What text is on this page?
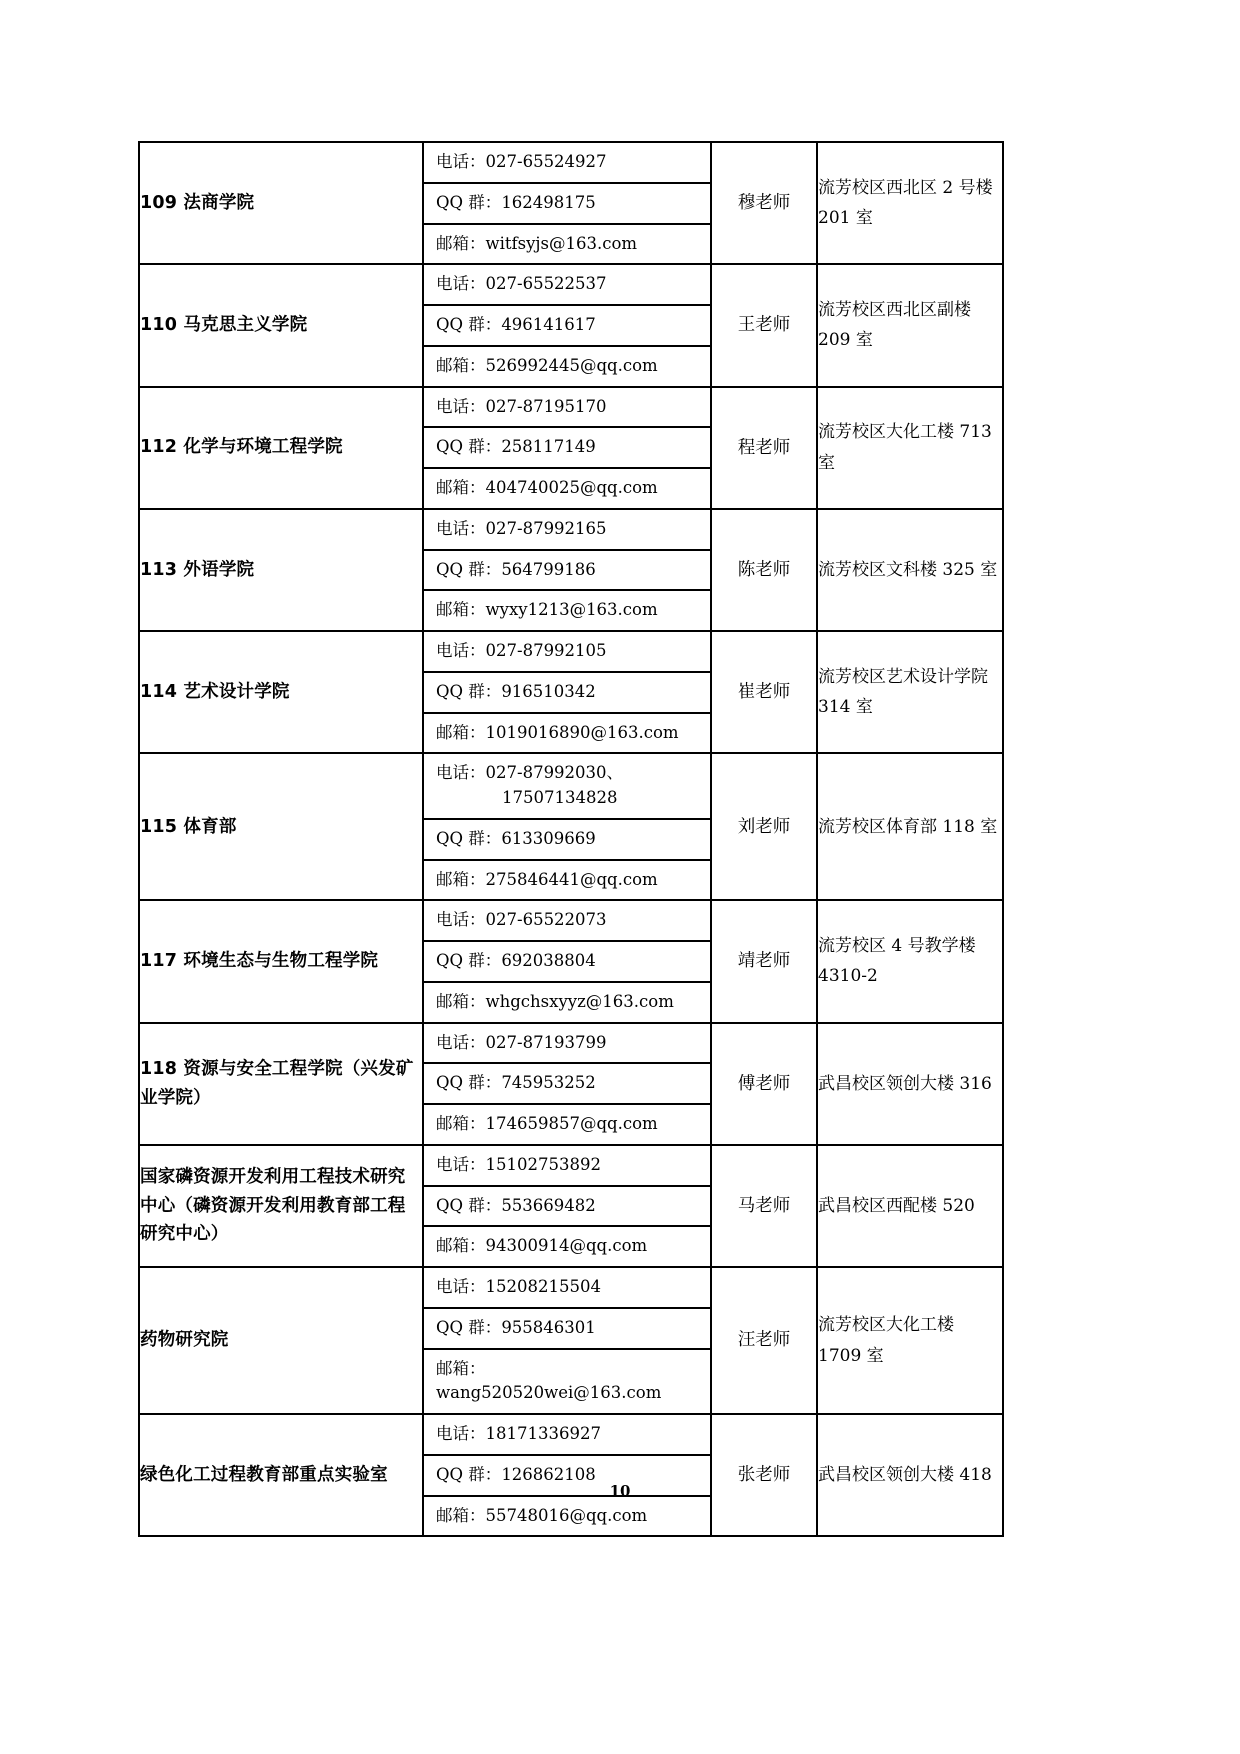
109 法商学院	电话：027-65524927
QQ 群：162498175
邮箱：witfsyjs@163.com	穆老师	流芳校区西北区 2 号楼 201 室
110 马克思主义学院	电话：027-65522537
QQ 群：496141617
邮箱：526992445@qq.com	王老师	流芳校区西北区副楼 209 室
112 化学与环境工程学院	电话：027-87195170
QQ 群：258117149
邮箱：404740025@qq.com	程老师	流芳校区大化工楼 713 室
113 外语学院	电话：027-87992165
QQ 群：564799186
邮箱：wyxy1213@163.com	陈老师	流芳校区文科楼 325 室
114 艺术设计学院	电话：027-87992105
QQ 群：916510342
邮箱：1019016890@163.com	崔老师	流芳校区艺术设计学院 314 室
115 体育部	电话：027-87992030、
17507134828
QQ 群：613309669
邮箱：275846441@qq.com	刘老师	流芳校区体育部 118 室
117 环境生态与生物工程学院	电话：027-65522073
QQ 群：692038804
邮箱：whgchsxyyz@163.com	靖老师	流芳校区 4 号教学楼 4310-2
118 资源与安全工程学院（兴发矿业学院）	电话：027-87193799
QQ 群：745953252
邮箱：174659857@qq.com	傅老师	武昌校区领创大楼 316
国家磷资源开发利用工程技术研究中心（磷资源开发利用教育部工程研究中心）	电话：15102753892
QQ 群：553669482
邮箱：94300914@qq.com	马老师	武昌校区西配楼 520
药物研究院	电话：15208215504
QQ 群：955846301
邮箱：wang520520wei@163.com	汪老师	流芳校区大化工楼 1709 室
绿色化工过程教育部重点实验室	电话：18171336927
QQ 群：126862108
邮箱：55748016@qq.com	张老师	武昌校区领创大楼 418
10
